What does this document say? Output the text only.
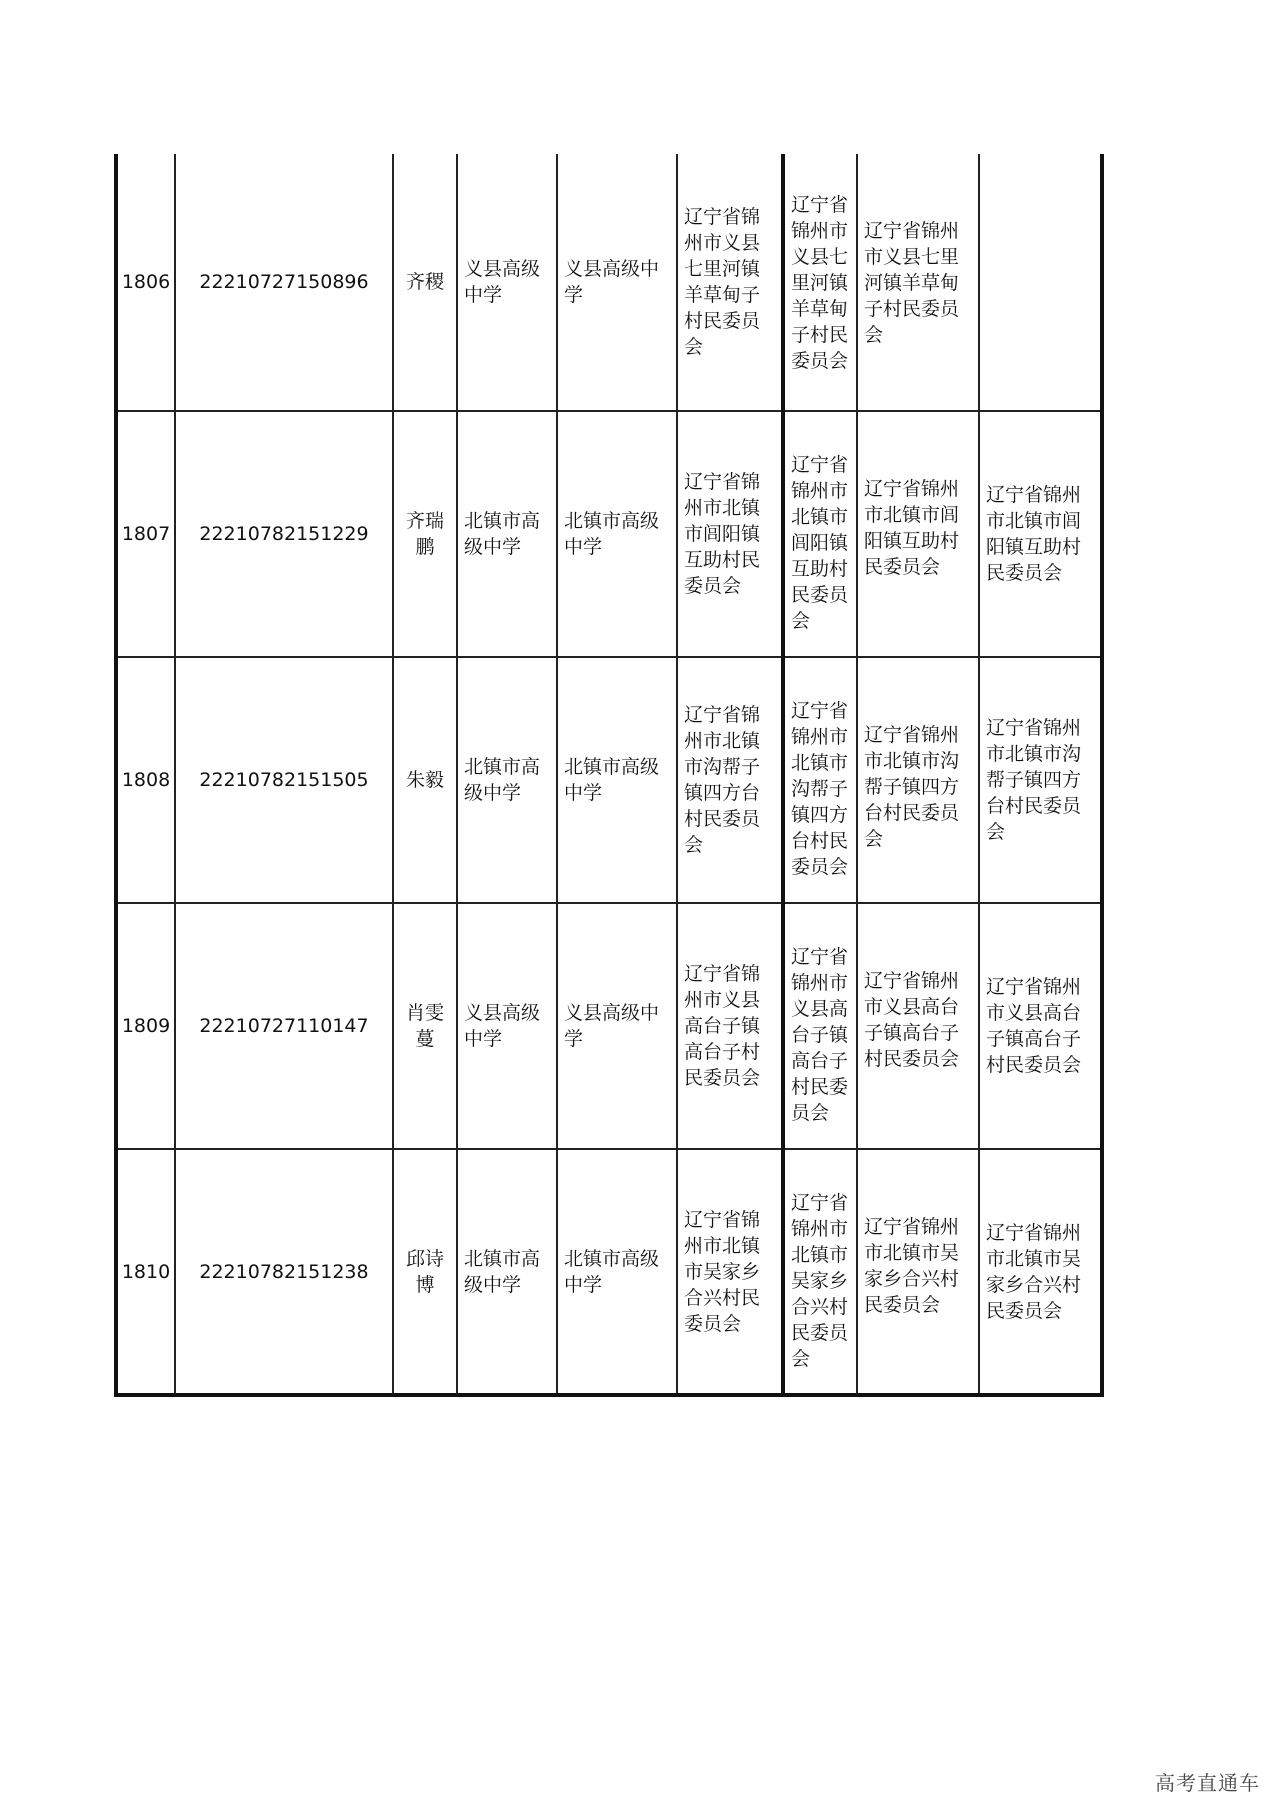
1806	22210727150896	齐稷	义县高级中学	义县高级中学	辽宁省锦州市义县七里河镇羊草甸子村民委员会	辽宁省锦州市义县七里河镇羊草甸子村民委员会	辽宁省锦州市义县七里河镇羊草甸子村民委员会	
1807	22210782151229	齐瑞鹏	北镇市高级中学	北镇市高级中学	辽宁省锦州市北镇市闾阳镇互助村民委员会	辽宁省锦州市北镇市闾阳镇互助村民委员会	辽宁省锦州市北镇市闾阳镇互助村民委员会	辽宁省锦州市北镇市闾阳镇互助村民委员会
1808	22210782151505	朱毅	北镇市高级中学	北镇市高级中学	辽宁省锦州市北镇市沟帮子镇四方台村民委员会	辽宁省锦州市北镇市沟帮子镇四方台村民委员会	辽宁省锦州市北镇市沟帮子镇四方台村民委员会	辽宁省锦州市北镇市沟帮子镇四方台村民委员会
1809	22210727110147	肖雯蔓	义县高级中学	义县高级中学	辽宁省锦州市义县高台子镇高台子村民委员会	辽宁省锦州市义县高台子镇高台子村民委员会	辽宁省锦州市义县高台子镇高台子村民委员会	辽宁省锦州市义县高台子镇高台子村民委员会
1810	22210782151238	邱诗博	北镇市高级中学	北镇市高级中学	辽宁省锦州市北镇市吴家乡合兴村民委员会	辽宁省锦州市北镇市吴家乡合兴村民委员会	辽宁省锦州市北镇市吴家乡合兴村民委员会	辽宁省锦州市北镇市吴家乡合兴村民委员会
高考直通车
